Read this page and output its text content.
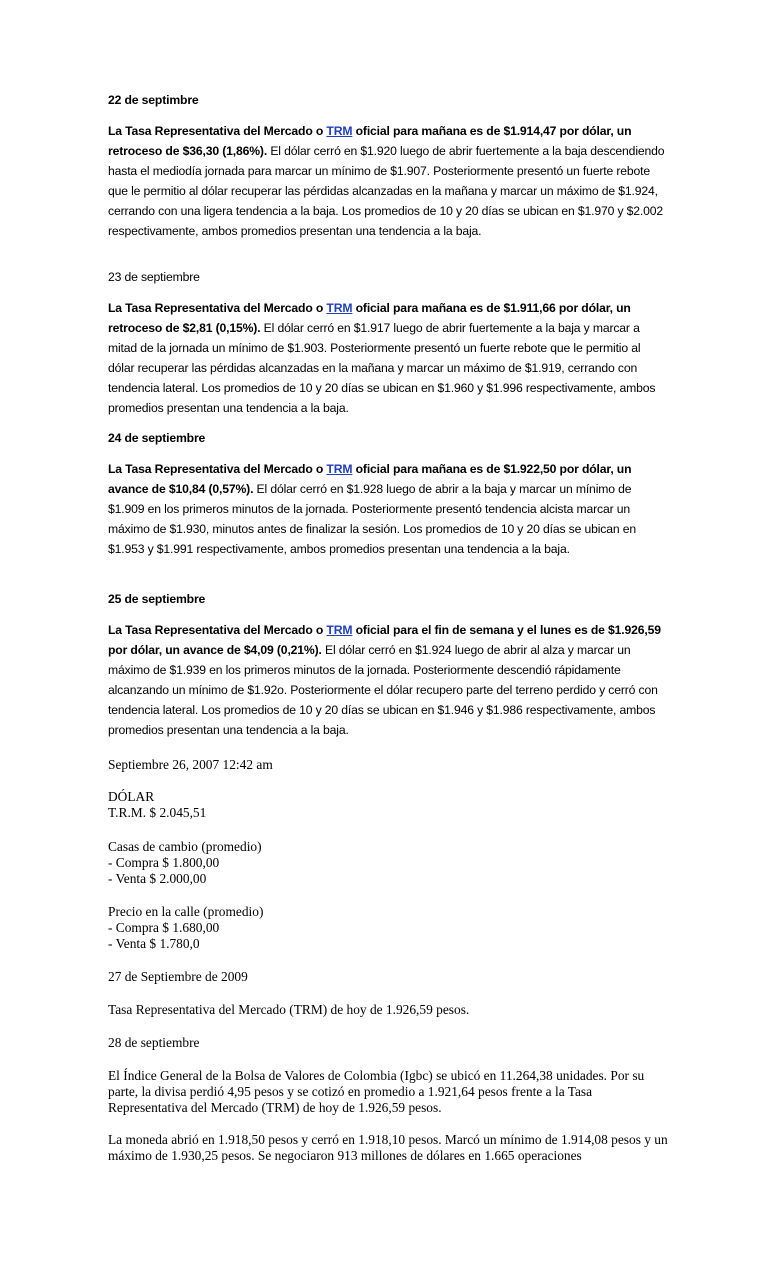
22 de septimbre

La Tasa Representativa del Mercado o TRM oficial para mañana es de $1.914,47 por dólar, un retroceso de $36,30 (1,86%). El dólar cerró en $1.920 luego de abrir fuertemente a la baja descendiendo hasta el mediodía jornada para marcar un mínimo de $1.907. Posteriormente presentó un fuerte rebote que le permitio al dólar recuperar las pérdidas alcanzadas en la mañana y marcar un máximo de $1.924, cerrando con una ligera tendencia a la baja. Los promedios de 10 y 20 días se ubican en $1.970 y $2.002 respectivamente, ambos promedios presentan una tendencia a la baja.

23 de septiembre

La Tasa Representativa del Mercado o TRM oficial para mañana es de $1.911,66 por dólar, un retroceso de $2,81 (0,15%). El dólar cerró en $1.917 luego de abrir fuertemente a la baja y marcar a mitad de la jornada un mínimo de $1.903. Posteriormente presentó un fuerte rebote que le permitio al dólar recuperar las pérdidas alcanzadas en la mañana y marcar un máximo de $1.919, cerrando con tendencia lateral. Los promedios de 10 y 20 días se ubican en $1.960 y $1.996 respectivamente, ambos promedios presentan una tendencia a la baja.

24 de septiembre

La Tasa Representativa del Mercado o TRM oficial para mañana es de $1.922,50 por dólar, un avance de $10,84 (0,57%). El dólar cerró en $1.928 luego de abrir a la baja y marcar un mínimo de $1.909 en los primeros minutos de la jornada. Posteriormente presentó tendencia alcista marcar un máximo de $1.930, minutos antes de finalizar la sesión. Los promedios de 10 y 20 días se ubican en $1.953 y $1.991 respectivamente, ambos promedios presentan una tendencia a la baja.

25 de septiembre

La Tasa Representativa del Mercado o TRM oficial para el fin de semana y el lunes es de $1.926,59 por dólar, un avance de $4,09 (0,21%). El dólar cerró en $1.924 luego de abrir al alza y marcar un máximo de $1.939 en los primeros minutos de la jornada. Posteriormente descendió rápidamente alcanzando un mínimo de $1.92o. Posteriormente el dólar recupero parte del terreno perdido y cerró con tendencia lateral. Los promedios de 10 y 20 días se ubican en $1.946 y $1.986 respectivamente, ambos promedios presentan una tendencia a la baja.

Septiembre 26, 2007 12:42 am

DÓLAR

T.R.M. $ 2.045,51

Casas de cambio (promedio)

- Compra $ 1.800,00

- Venta $ 2.000,00

Precio en la calle (promedio)

- Compra $ 1.680,00

- Venta $ 1.780,0

27 de Septiembre de 2009

Tasa Representativa del Mercado (TRM) de hoy de 1.926,59 pesos.

28 de septiembre

El Índice General de la Bolsa de Valores de Colombia (Igbc) se ubicó en 11.264,38 unidades. Por su parte, la divisa perdió 4,95 pesos y se cotizó en promedio a 1.921,64 pesos frente a la Tasa Representativa del Mercado (TRM) de hoy de 1.926,59 pesos.

La moneda abrió en 1.918,50 pesos y cerró en 1.918,10 pesos. Marcó un mínimo de 1.914,08 pesos y un máximo de 1.930,25 pesos. Se negociaron 913 millones de dólares en 1.665 operaciones
